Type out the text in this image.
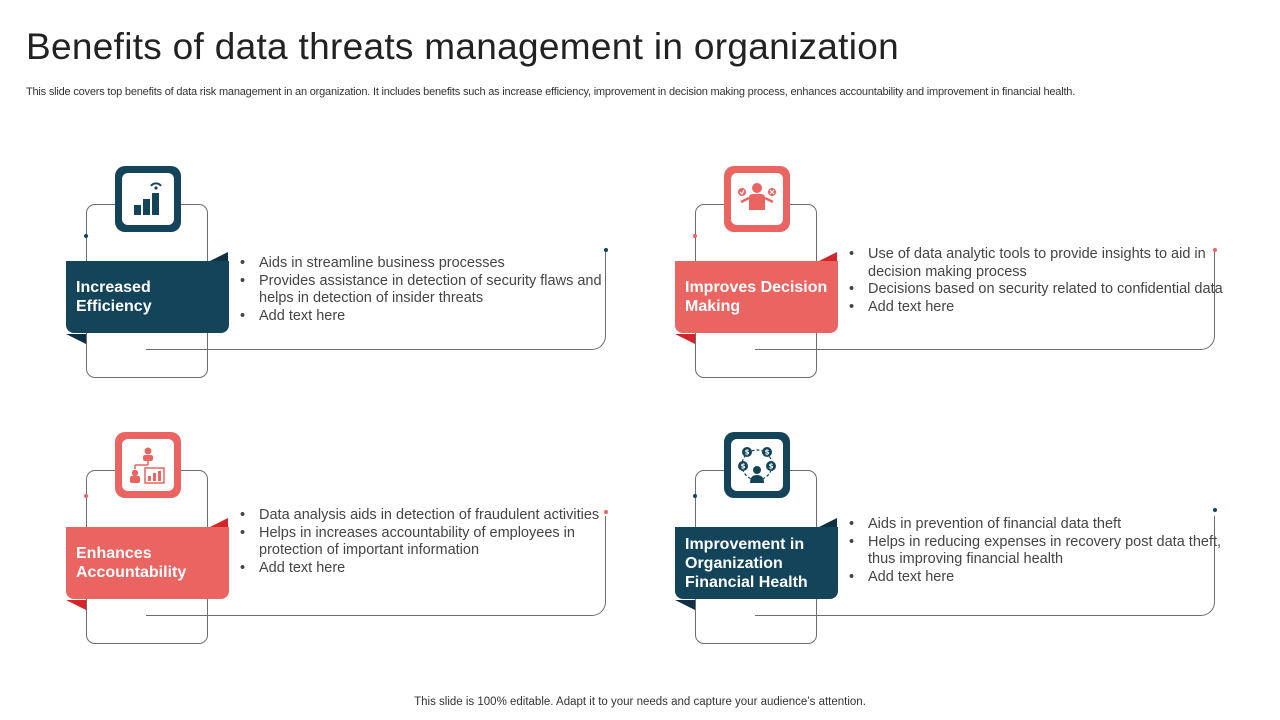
Benefits of data threats management in organization
This slide covers top benefits of data risk management in an organization. It includes benefits such as increase efficiency, improvement in decision making process, enhances accountability and improvement in financial health.
Increased Efficiency
• Aids in streamline business processes
• Provides assistance in detection of security flaws and helps in detection of insider threats
• Add text here
Improves Decision Making
• Use of data analytic tools to provide insights to aid in decision making process
• Decisions based on security related to confidential data
• Add text here
Enhances Accountability
• Data analysis aids in detection of fraudulent activities
• Helps in increases accountability of employees in protection of important information
• Add text here
$ $
$	$
Improvement in Organization Financial Health
• Aids in prevention of financial data theft
• Helps in reducing expenses in recovery post data theft, thus improving financial health
• Add text here
This slide is 100% editable. Adapt it to your needs and capture your audience’s attention.
